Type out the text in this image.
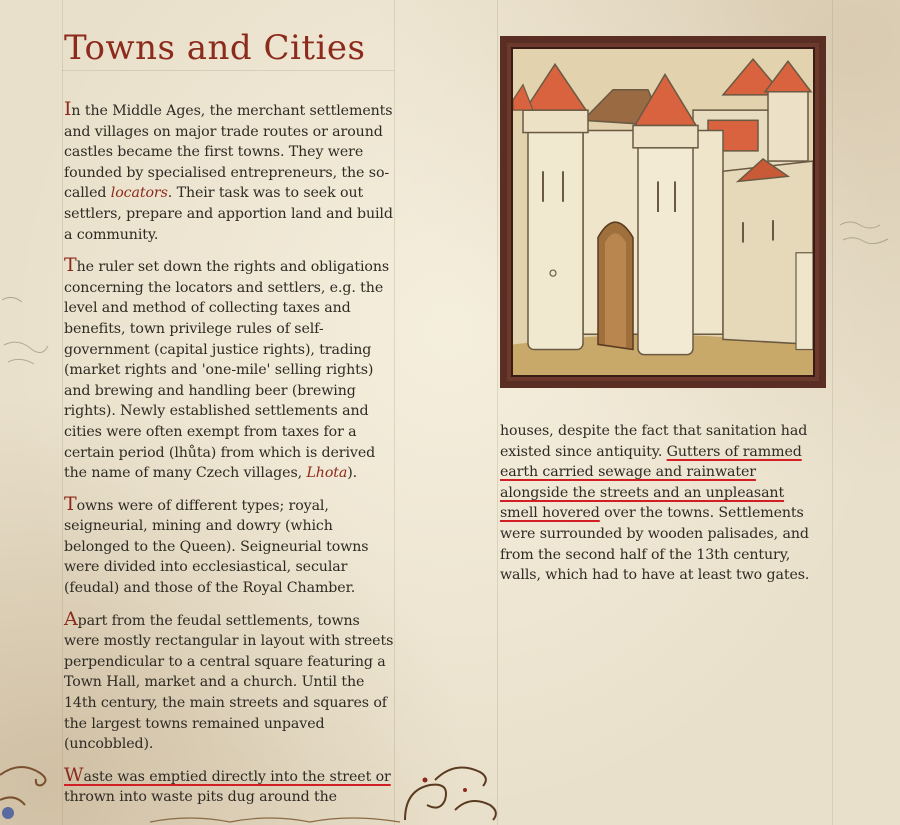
Towns and Cities

In the Middle Ages, the merchant settlements and villages on major trade routes or around castles became the first towns. They were founded by specialised entrepreneurs, the so-called locators. Their task was to seek out settlers, prepare and apportion land and build a community.

The ruler set down the rights and obligations concerning the locators and settlers, e.g. the level and method of collecting taxes and benefits, town privilege rules of self-government (capital justice rights), trading (market rights and 'one-mile' selling rights) and brewing and handling beer (brewing rights). Newly established settlements and cities were often exempt from taxes for a certain period (lhůta) from which is derived the name of many Czech villages, Lhota).

Towns were of different types; royal, seigneurial, mining and dowry (which belonged to the Queen). Seigneurial towns were divided into ecclesiastical, secular (feudal) and those of the Royal Chamber.

Apart from the feudal settlements, towns were mostly rectangular in layout with streets perpendicular to a central square featuring a Town Hall, market and a church. Until the 14th century, the main streets and squares of the largest towns remained unpaved (uncobbled).

Waste was emptied directly into the street or
thrown into waste pits dug around the

houses, despite the fact that sanitation had existed since antiquity. Gutters of rammed earth carried sewage and rainwater alongside the streets and an unpleasant smell hovered over the towns. Settlements were surrounded by wooden palisades, and from the second half of the 13th century, walls, which had to have at least two gates.
